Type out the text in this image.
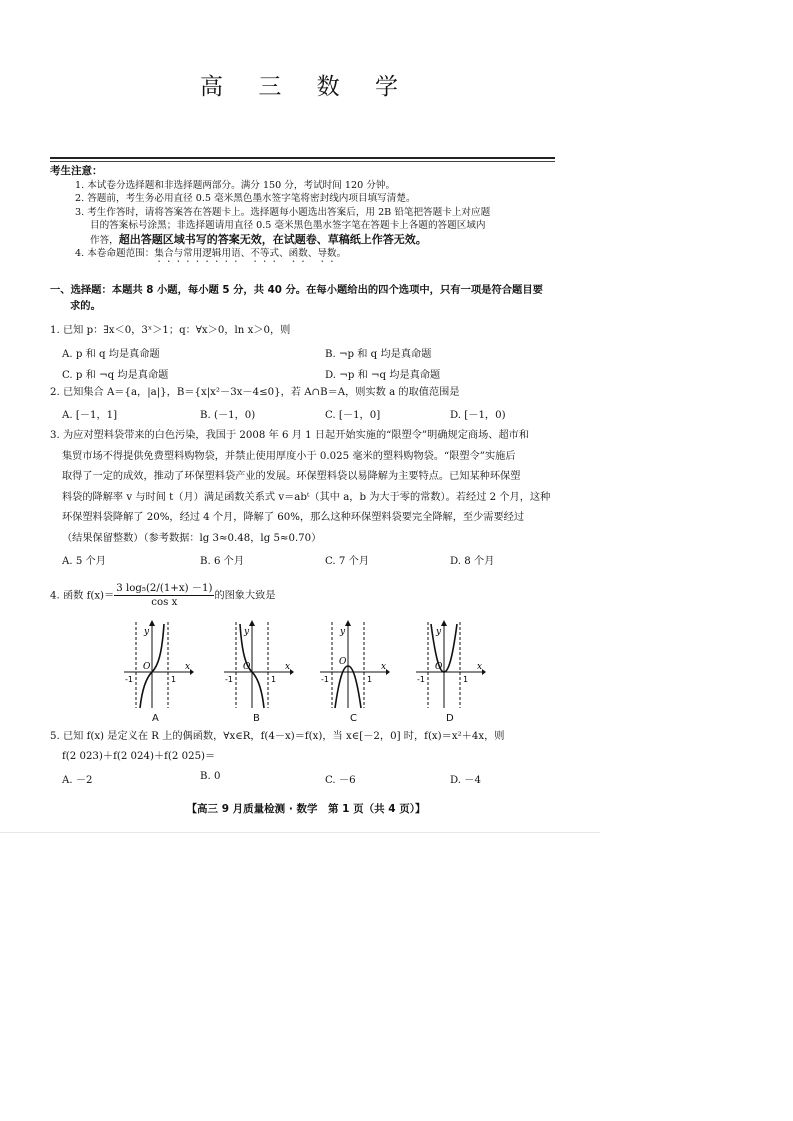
高 三 数 学
考生注意：
1. 本试卷分选择题和非选择题两部分。满分 150 分，考试时间 120 分钟。
2. 答题前，考生务必用直径 0.5 毫米黑色墨水签字笔将密封线内项目填写清楚。
3. 考生作答时，请将答案答在答题卡上。选择题每小题选出答案后，用 2B 铅笔把答题卡上对应题
目的答案标号涂黑；非选择题请用直径 0.5 毫米黑色墨水签字笔在答题卡上各题的答题区域内
作答，超出答题区域书写的答案无效，在试题卷、草稿纸上作答无效。
4. 本卷命题范围：集合与常用逻辑用语、不等式、函数、导数。
一、选择题：本题共 8 小题，每小题 5 分，共 40 分。在每小题给出的四个选项中，只有一项是符合题目要
求的。
1. 已知 p：∃x＜0，3ˣ＞1；q：∀x＞0，ln x＞0，则
A. p 和 q 均是真命题	B. ¬p 和 q 均是真命题
C. p 和 ¬q 均是真命题	D. ¬p 和 ¬q 均是真命题
2. 已知集合 A＝{a，|a|}，B＝{x|x²－3x－4≤0}，若 A∩B＝A，则实数 a 的取值范围是
A. [－1，1]	B. (－1，0)	C. [－1，0]	D. [－1，0)
3. 为应对塑料袋带来的白色污染，我国于 2008 年 6 月 1 日起开始实施的“限塑令”明确规定商场、超市和
集贸市场不得提供免费塑料购物袋，并禁止使用厚度小于 0.025 毫米的塑料购物袋。“限塑令”实施后
取得了一定的成效，推动了环保塑料袋产业的发展。环保塑料袋以易降解为主要特点。已知某种环保塑
料袋的降解率 v 与时间 t（月）满足函数关系式 v＝abᵗ（其中 a，b 为大于零的常数）。若经过 2 个月，这种
环保塑料袋降解了 20%，经过 4 个月，降解了 60%，那么这种环保塑料袋要完全降解，至少需要经过
（结果保留整数）（参考数据：lg 3≈0.48，lg 5≈0.70）
A. 5 个月	B. 6 个月	C. 7 个月	D. 8 个月
4. 函数 $f(x)= \frac{\text{3 log₅(2/(1+x) －1)}}{\text{cos x}}$ 的图象大致是
y
x
O
-1	1
A
y
x
O
-1	1
B
y
x
O
-1	1
C
y
x
O
-1	1
D
5. 已知 f(x) 是定义在 R 上的偶函数，∀x∈R，f(4－x)＝f(x)，当 x∈[－2，0] 时，f(x)＝x²＋4x，则
f(2 023)＋f(2 024)＋f(2 025)＝
A. －2	B. 0	C. －6	D. －4
【高三 9 月质量检测 · 数学　第 1 页（共 4 页）】
